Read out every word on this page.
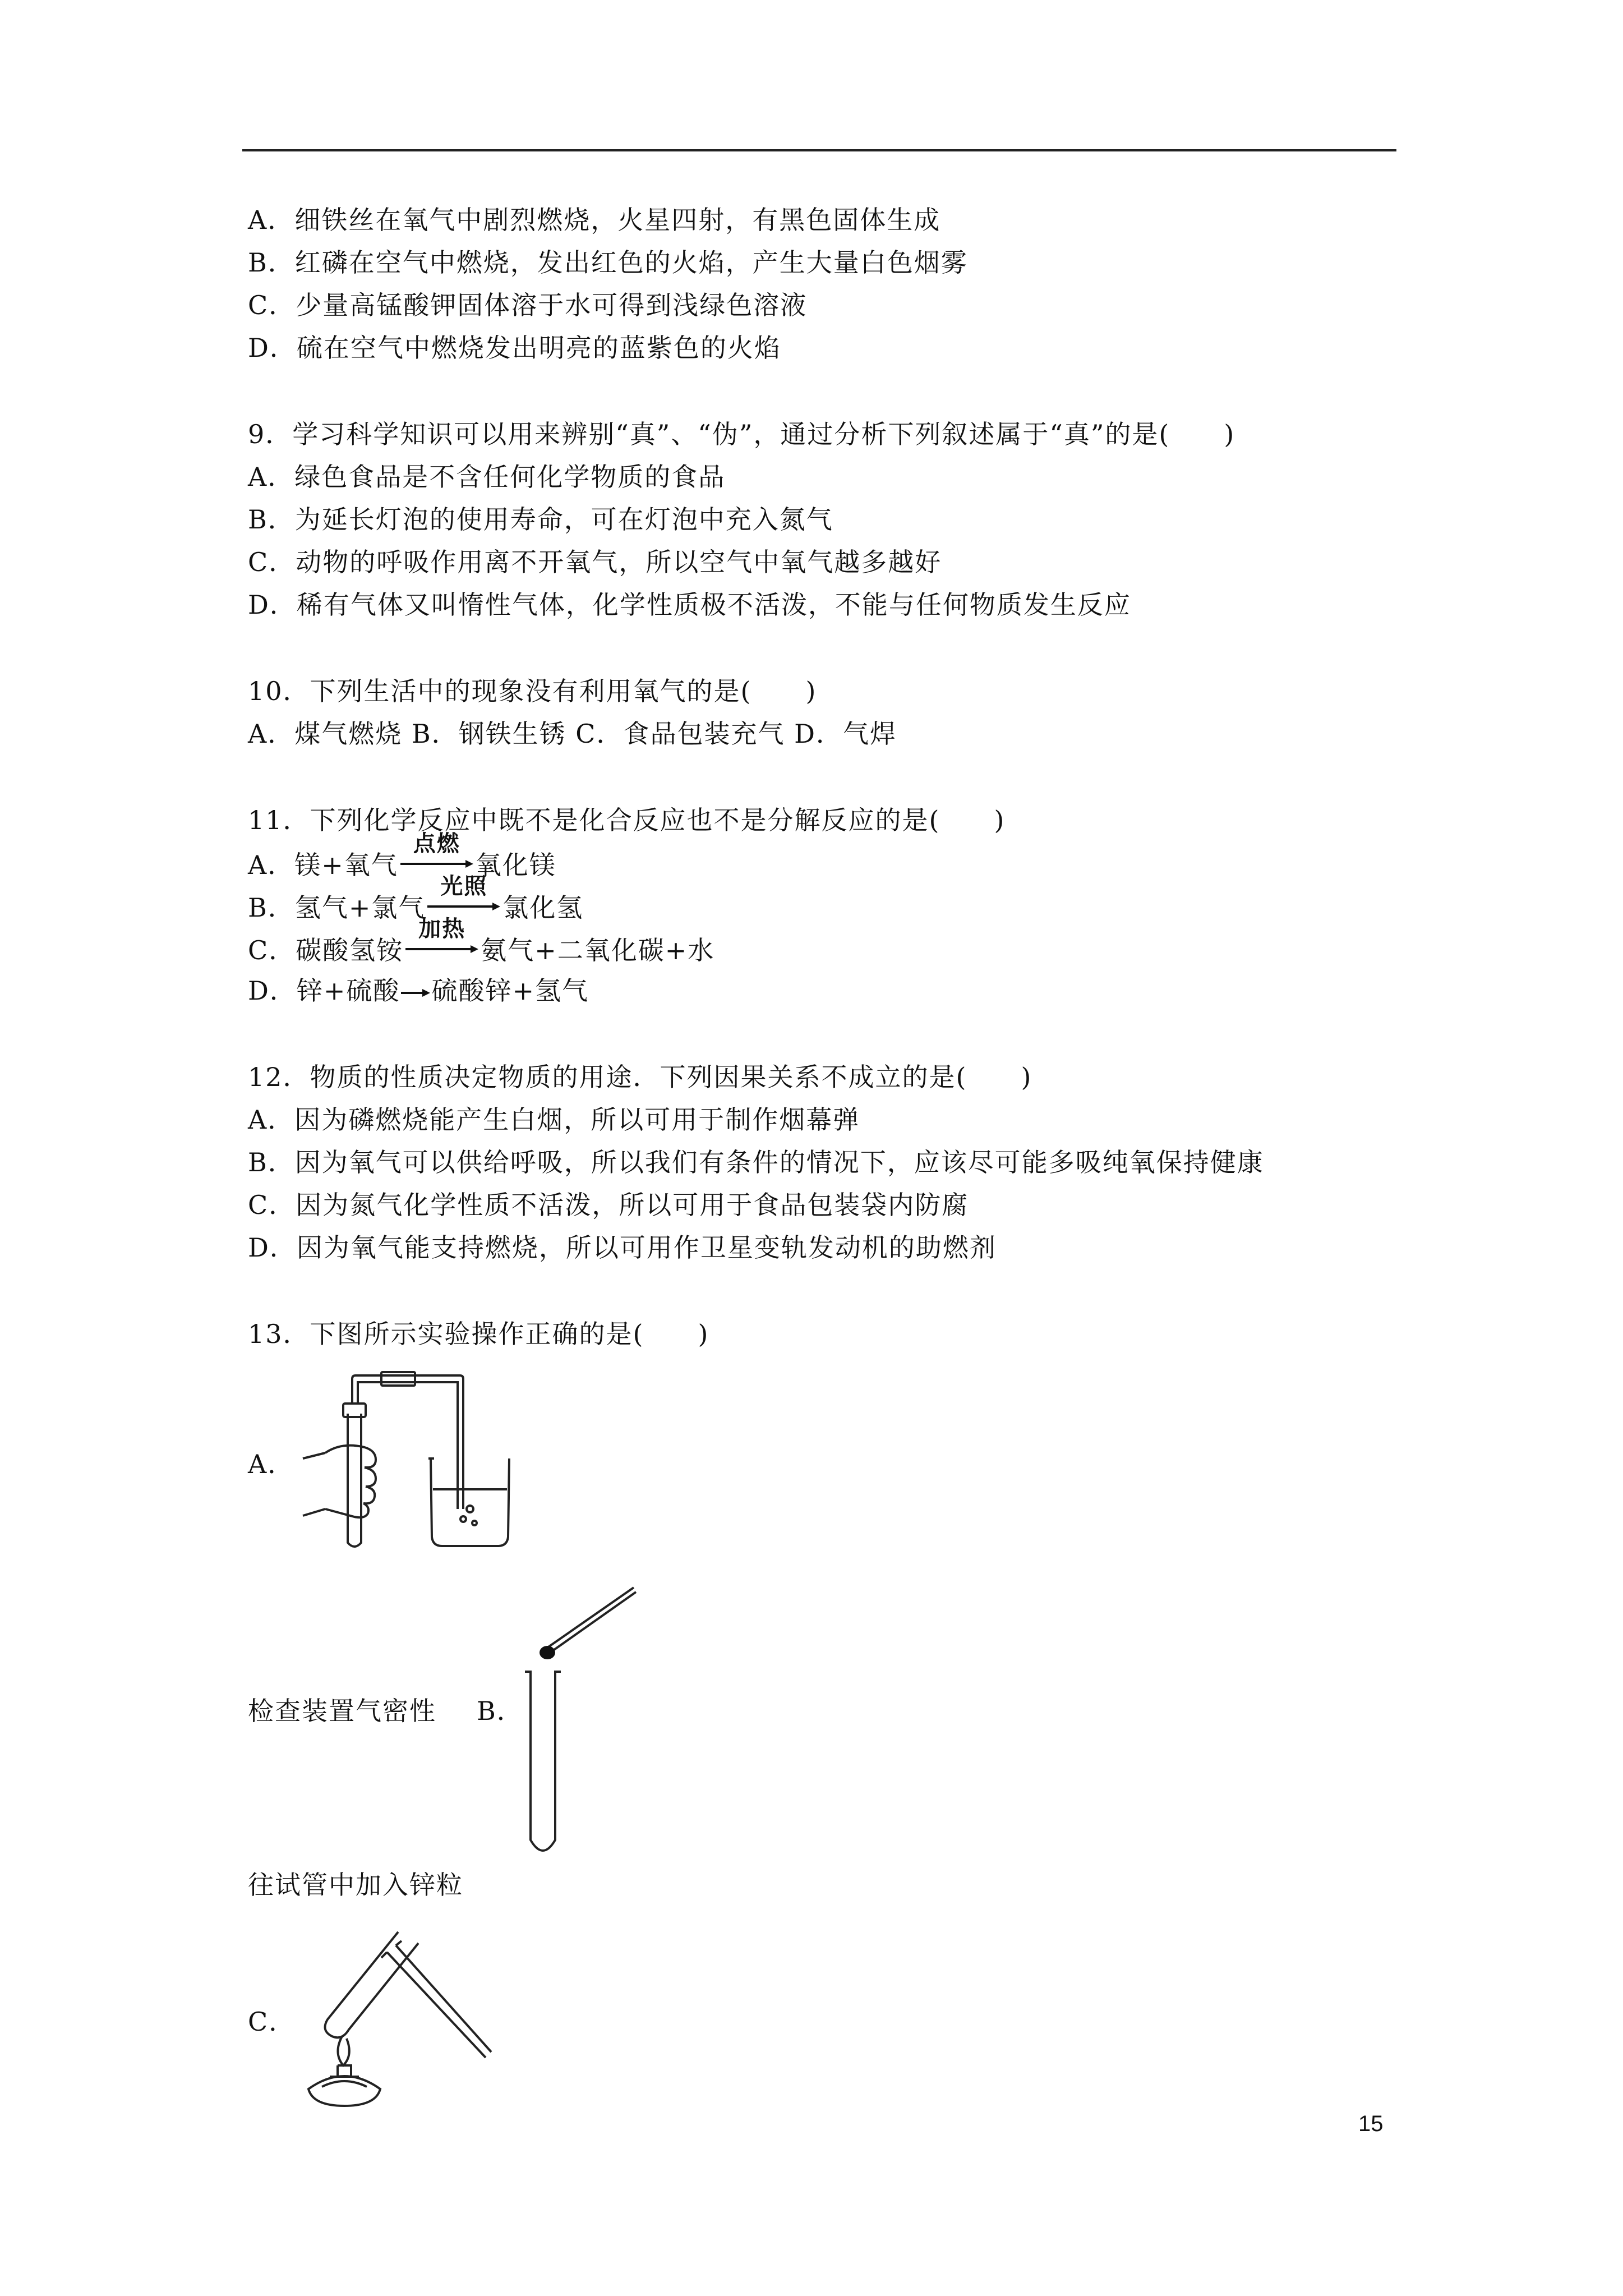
A．细铁丝在氧气中剧烈燃烧，火星四射，有黑色固体生成
B．红磷在空气中燃烧，发出红色的火焰，产生大量白色烟雾
C．少量高锰酸钾固体溶于水可得到浅绿色溶液
D．硫在空气中燃烧发出明亮的蓝紫色的火焰
9．学习科学知识可以用来辨别“真”、“伪”，通过分析下列叙述属于“真”的是(　　)
A．绿色食品是不含任何化学物质的食品
B．为延长灯泡的使用寿命，可在灯泡中充入氮气
C．动物的呼吸作用离不开氧气，所以空气中氧气越多越好
D．稀有气体又叫惰性气体，化学性质极不活泼，不能与任何物质发生反应
10．下列生活中的现象没有利用氧气的是(　　)
A．煤气燃烧 B．钢铁生锈 C．食品包装充气 D．气焊
11．下列化学反应中既不是化合反应也不是分解反应的是(　　)
A．镁+氧气
点燃
氧化镁
B．氢气+氯气
光照
氯化氢
C．碳酸氢铵
加热
氨气+二氧化碳+水
D．锌+硫酸 硫酸锌+氢气
12．物质的性质决定物质的用途．下列因果关系不成立的是(　　)
A．因为磷燃烧能产生白烟，所以可用于制作烟幕弹
B．因为氧气可以供给呼吸，所以我们有条件的情况下，应该尽可能多吸纯氧保持健康
C．因为氮气化学性质不活泼，所以可用于食品包装袋内防腐
D．因为氧气能支持燃烧，所以可用作卫星变轨发动机的助燃剂
13．下图所示实验操作正确的是(　　)
A．
检查装置气密性 B．
往试管中加入锌粒
C．
15
